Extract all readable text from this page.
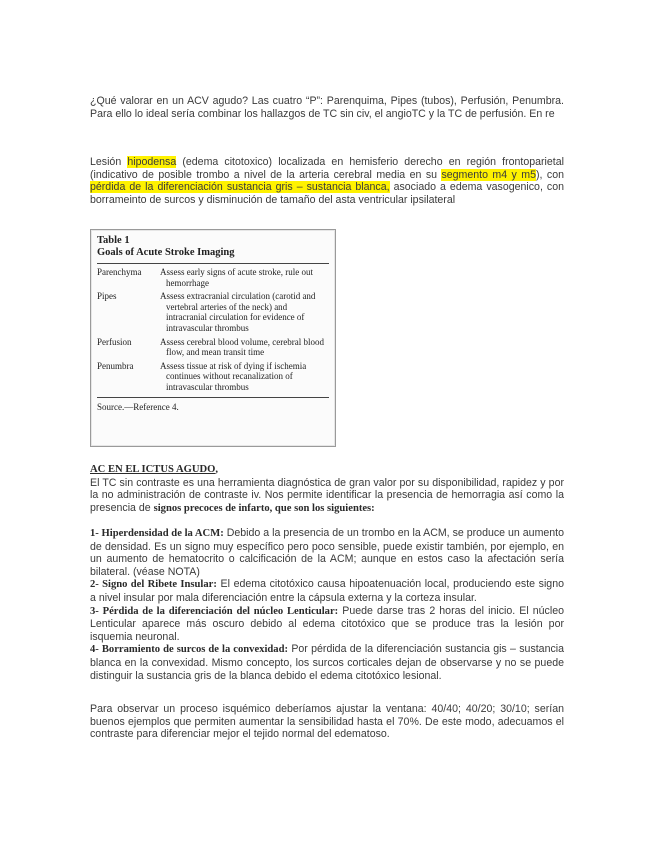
¿Qué valorar en un ACV agudo? Las cuatro “P”: Parenquima, Pipes (tubos), Perfusión, Penumbra. Para ello lo ideal sería combinar los hallazgos de TC sin civ, el angioTC y la TC de perfusión. En re

Lesión hipodensa (edema citotoxico) localizada en hemisferio derecho en región frontoparietal (indicativo de posible trombo a nivel de la arteria cerebral media en su segmento m4 y m5), con pérdida de la diferenciación sustancia gris – sustancia blanca, asociado a edema vasogenico, con borrameinto de surcos y disminución de tamaño del asta ventricular ipsilateral

Table 1
Goals of Acute Stroke Imaging
Parenchyma	Assess early signs of acute stroke, rule out hemorrhage
Pipes	Assess extracranial circulation (carotid and vertebral arteries of the neck) and intracranial circulation for evidence of intravascular thrombus
Perfusion	Assess cerebral blood volume, cerebral blood flow, and mean transit time
Penumbra	Assess tissue at risk of dying if ischemia continues without recanalization of intravascular thrombus
Source.—Reference 4.

AC EN EL ICTUS AGUDO,
El TC sin contraste es una herramienta diagnóstica de gran valor por su disponibilidad, rapidez y por la no administración de contraste iv. Nos permite identificar la presencia de hemorragia así como la presencia de signos precoces de infarto, que son los siguientes:

1- Hiperdensidad de la ACM: Debido a la presencia de un trombo en la ACM, se produce un aumento de densidad. Es un signo muy específico pero poco sensible, puede existir también, por ejemplo, en un aumento de hematocrito o calcificación de la ACM; aunque en estos caso la afectación sería bilateral. (véase NOTA)
2- Signo del Ribete Insular: El edema citotóxico causa hipoatenuación local, produciendo este signo a nivel insular por mala diferenciación entre la cápsula externa y la corteza insular.
3- Pérdida de la diferenciación del núcleo Lenticular: Puede darse tras 2 horas del inicio. El núcleo Lenticular aparece más oscuro debido al edema citotóxico que se produce tras la lesión por isquemia neuronal.
4- Borramiento de surcos de la convexidad: Por pérdida de la diferenciación sustancia gis – sustancia blanca en la convexidad. Mismo concepto, los surcos corticales dejan de observarse y no se puede distinguir la sustancia gris de la blanca debido el edema citotóxico lesional.

Para observar un proceso isquémico deberíamos ajustar la ventana: 40/40; 40/20; 30/10; serían buenos ejemplos que permiten aumentar la sensibilidad hasta el 70%. De este modo, adecuamos el contraste para diferenciar mejor el tejido normal del edematoso.
